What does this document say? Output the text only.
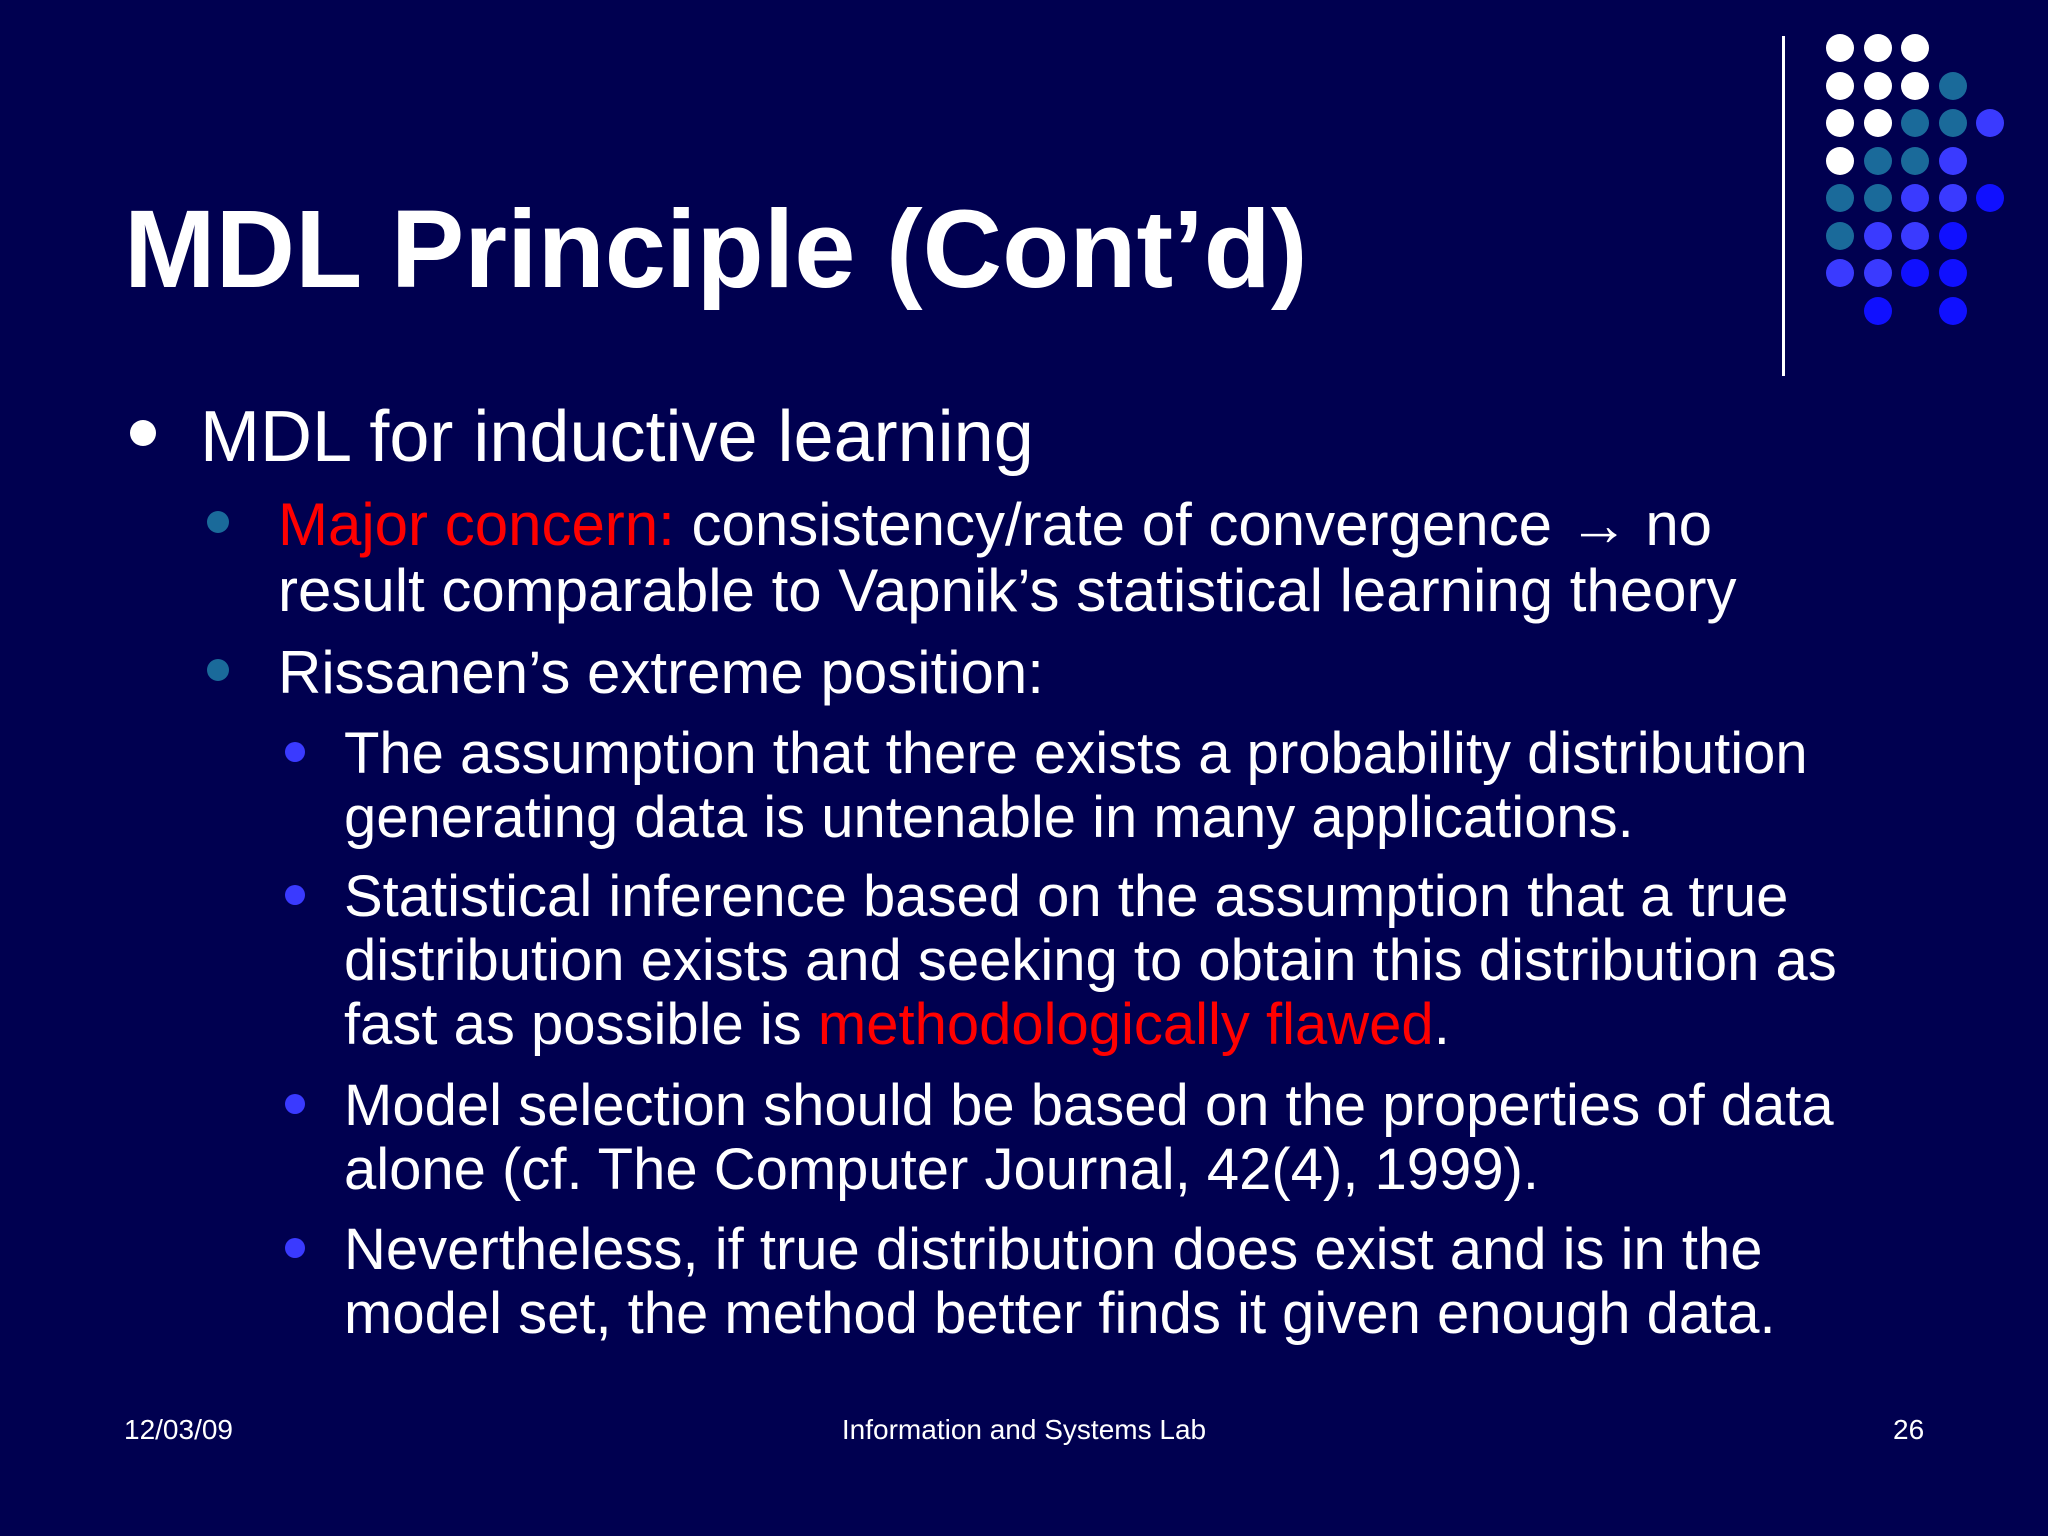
MDL Principle (Cont’d)
MDL for inductive learning
Major concern: consistency/rate of convergence → no
result comparable to Vapnik’s statistical learning theory
Rissanen’s extreme position:
The assumption that there exists a probability distribution
generating data is untenable in many applications.
Statistical inference based on the assumption that a true
distribution exists and seeking to obtain this distribution as
fast as possible is methodologically flawed.
Model selection should be based on the properties of data
alone (cf. The Computer Journal, 42(4), 1999).
Nevertheless, if true distribution does exist and is in the
model set, the method better finds it given enough data.
12/03/09	Information and Systems Lab	26
